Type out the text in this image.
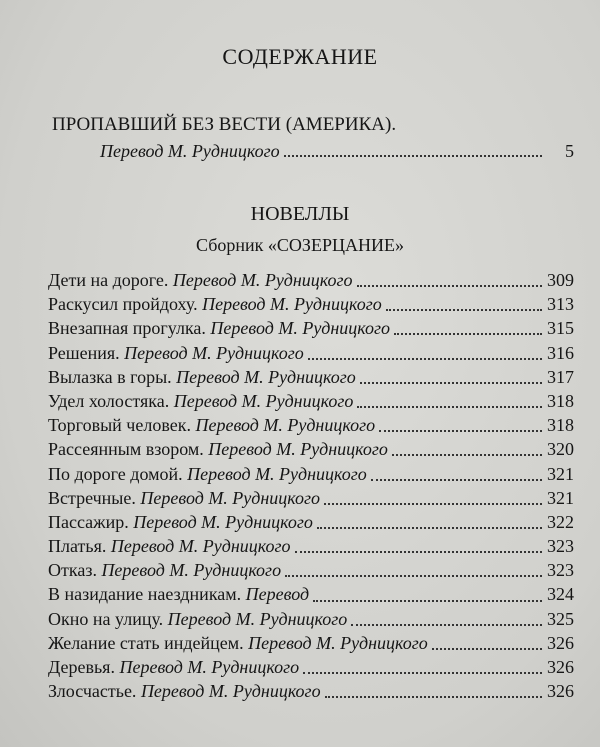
СОДЕРЖАНИЕ
ПРОПАВШИЙ БЕЗ ВЕСТИ (АМЕРИКА).
Перевод М. Рудницкого	5
НОВЕЛЛЫ
Сборник «СОЗЕРЦАНИЕ»
Дети на дороге. Перевод М. Рудницкого	309
Раскусил пройдоху. Перевод М. Рудницкого	313
Внезапная прогулка. Перевод М. Рудницкого	315
Решения. Перевод М. Рудницкого	316
Вылазка в горы. Перевод М. Рудницкого	317
Удел холостяка. Перевод М. Рудницкого	318
Торговый человек. Перевод М. Рудницкого	318
Рассеянным взором. Перевод М. Рудницкого	320
По дороге домой. Перевод М. Рудницкого	321
Встречные. Перевод М. Рудницкого	321
Пассажир. Перевод М. Рудницкого	322
Платья. Перевод М. Рудницкого	323
Отказ. Перевод М. Рудницкого	323
В назидание наездникам. Перевод	324
Окно на улицу. Перевод М. Рудницкого	325
Желание стать индейцем. Перевод М. Рудницкого	326
Деревья. Перевод М. Рудницкого	326
Злосчастье. Перевод М. Рудницкого	326
